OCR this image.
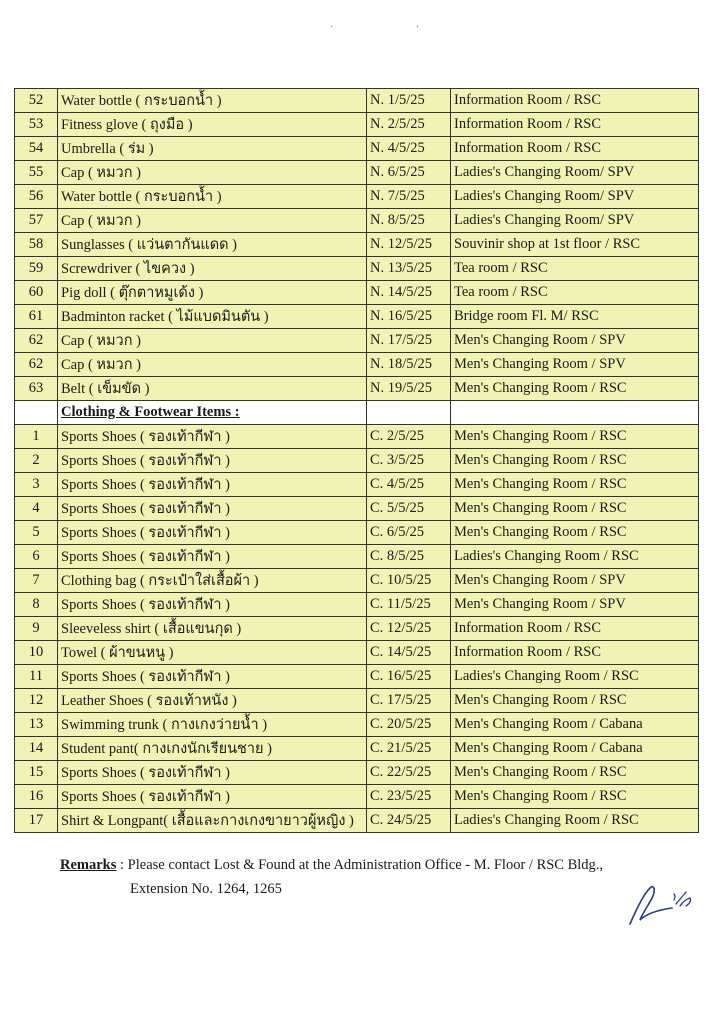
· ·
52	Water bottle ( กระบอกน้ำ )	N. 1/5/25	Information Room / RSC
53	Fitness glove ( ถุงมือ )	N. 2/5/25	Information Room / RSC
54	Umbrella ( ร่ม )	N. 4/5/25	Information Room / RSC
55	Cap ( หมวก )	N. 6/5/25	Ladies's Changing Room/ SPV
56	Water bottle ( กระบอกน้ำ )	N. 7/5/25	Ladies's Changing Room/ SPV
57	Cap ( หมวก )	N. 8/5/25	Ladies's Changing Room/ SPV
58	Sunglasses ( แว่นตากันแดด )	N. 12/5/25	Souvinir shop at 1st floor / RSC
59	Screwdriver ( ไขควง )	N. 13/5/25	Tea room / RSC
60	Pig doll ( ตุ๊กตาหมูเด้ง )	N. 14/5/25	Tea room / RSC
61	Badminton racket ( ไม้แบดมินตัน )	N. 16/5/25	Bridge room Fl. M/ RSC
62	Cap ( หมวก )	N. 17/5/25	Men's Changing Room / SPV
62	Cap ( หมวก )	N. 18/5/25	Men's Changing Room / SPV
63	Belt ( เข็มขัด )	N. 19/5/25	Men's Changing Room / RSC
	Clothing & Footwear Items :		
1	Sports Shoes ( รองเท้ากีฬา )	C. 2/5/25	Men's Changing Room / RSC
2	Sports Shoes ( รองเท้ากีฬา )	C. 3/5/25	Men's Changing Room / RSC
3	Sports Shoes ( รองเท้ากีฬา )	C. 4/5/25	Men's Changing Room / RSC
4	Sports Shoes ( รองเท้ากีฬา )	C. 5/5/25	Men's Changing Room / RSC
5	Sports Shoes ( รองเท้ากีฬา )	C. 6/5/25	Men's Changing Room / RSC
6	Sports Shoes ( รองเท้ากีฬา )	C. 8/5/25	Ladies's Changing Room / RSC
7	Clothing bag ( กระเป๋าใส่เสื้อผ้า )	C. 10/5/25	Men's Changing Room / SPV
8	Sports Shoes ( รองเท้ากีฬา )	C. 11/5/25	Men's Changing Room / SPV
9	Sleeveless shirt ( เสื้อแขนกุด )	C. 12/5/25	Information Room / RSC
10	Towel ( ผ้าขนหนู )	C. 14/5/25	Information Room / RSC
11	Sports Shoes ( รองเท้ากีฬา )	C. 16/5/25	Ladies's Changing Room / RSC
12	Leather Shoes ( รองเท้าหนัง )	C. 17/5/25	Men's Changing Room / RSC
13	Swimming trunk ( กางเกงว่ายน้ำ )	C. 20/5/25	Men's Changing Room / Cabana
14	Student pant( กางเกงนักเรียนชาย )	C. 21/5/25	Men's Changing Room / Cabana
15	Sports Shoes ( รองเท้ากีฬา )	C. 22/5/25	Men's Changing Room / RSC
16	Sports Shoes ( รองเท้ากีฬา )	C. 23/5/25	Men's Changing Room / RSC
17	Shirt & Longpant( เสื้อและกางเกงขายาวผู้หญิง )	C. 24/5/25	Ladies's Changing Room / RSC
Remarks : Please contact Lost & Found at the Administration Office - M. Floor / RSC Bldg.,
Extension No. 1264, 1265
